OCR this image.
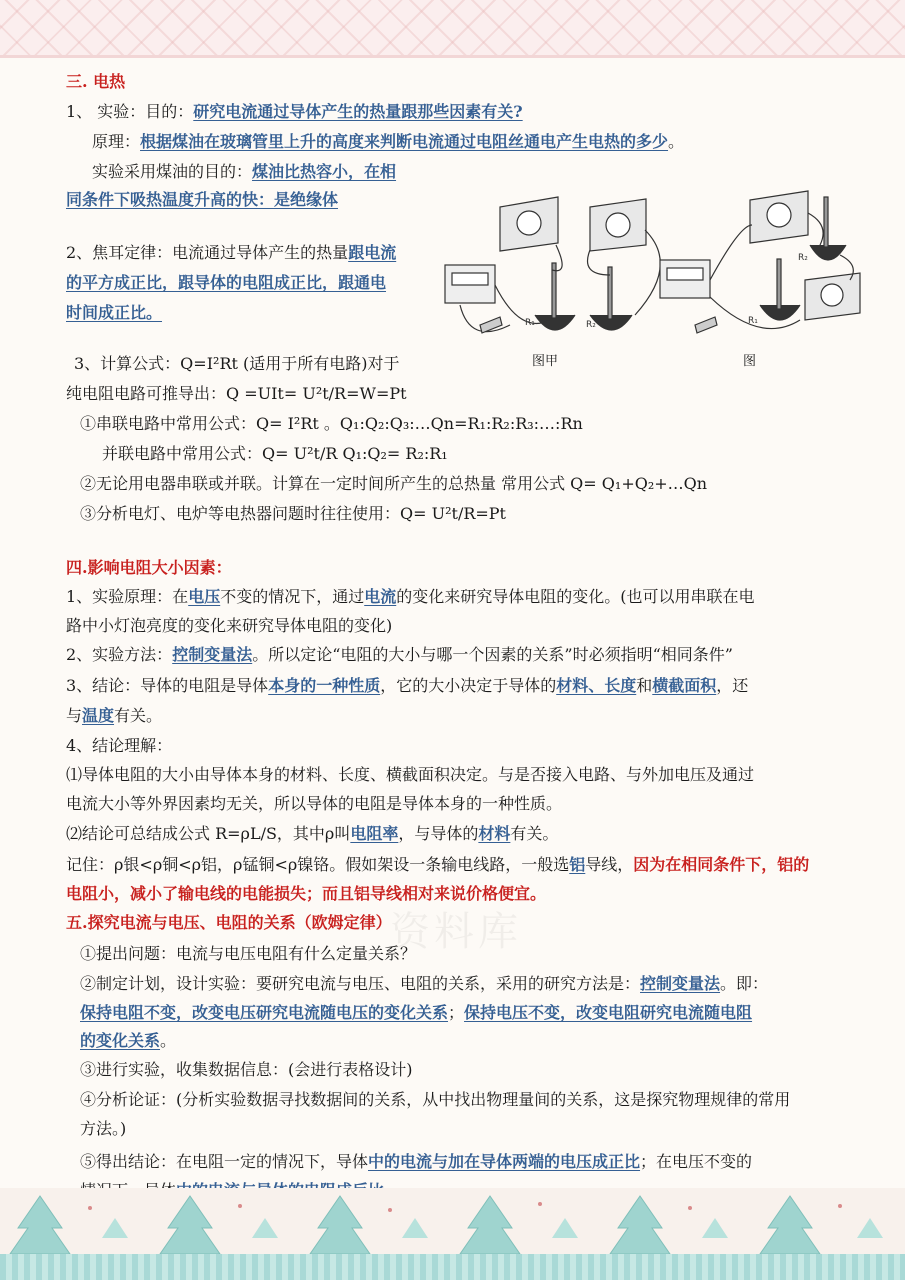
资料库
三. 电热
1、 实验：目的：研究电流通过导体产生的热量跟那些因素有关?
原理：根据煤油在玻璃管里上升的高度来判断电流通过电阻丝通电产生电热的多少。
实验采用煤油的目的：煤油比热容小，在相
同条件下吸热温度升高的快：是绝缘体
2、焦耳定律：电流通过导体产生的热量跟电流
的平方成正比，跟导体的电阻成正比，跟通电
时间成正比。
3、计算公式：Q=I²Rt (适用于所有电路)对于
纯电阻电路可推导出：Q =UIt= U²t/R=W=Pt
①串联电路中常用公式：Q= I²Rt 。Q₁:Q₂:Q₃:…Qn=R₁:R₂:R₃:…:Rn
并联电路中常用公式：Q= U²t/R Q₁:Q₂= R₂:R₁
②无论用电器串联或并联。计算在一定时间所产生的总热量 常用公式 Q= Q₁+Q₂+…Qn
③分析电灯、电炉等电热器问题时往往使用：Q= U²t/R=Pt
R₁	R₂
R₂
R₁
图甲	图
四.影响电阻大小因素：
1、实验原理：在电压不变的情况下，通过电流的变化来研究导体电阻的变化。(也可以用串联在电
路中小灯泡亮度的变化来研究导体电阻的变化)
2、实验方法：控制变量法。所以定论“电阻的大小与哪一个因素的关系”时必须指明“相同条件”
3、结论：导体的电阻是导体本身的一种性质，它的大小决定于导体的材料、长度和横截面积，还
与温度有关。
4、结论理解：
⑴导体电阻的大小由导体本身的材料、长度、横截面积决定。与是否接入电路、与外加电压及通过
电流大小等外界因素均无关，所以导体的电阻是导体本身的一种性质。
⑵结论可总结成公式 R=ρL/S，其中ρ叫电阻率，与导体的材料有关。
记住：ρ银<ρ铜<ρ铝，ρ锰铜<ρ镍铬。假如架设一条输电线路，一般选铝导线，因为在相同条件下，铝的
电阻小，减小了输电线的电能损失；而且铝导线相对来说价格便宜。
五.探究电流与电压、电阻的关系（欧姆定律）
①提出问题：电流与电压电阻有什么定量关系？
②制定计划，设计实验：要研究电流与电压、电阻的关系，采用的研究方法是：控制变量法。即：
保持电阻不变，改变电压研究电流随电压的变化关系；保持电压不变，改变电阻研究电流随电阻
的变化关系。
③进行实验，收集数据信息：(会进行表格设计)
④分析论证：(分析实验数据寻找数据间的关系，从中找出物理量间的关系，这是探究物理规律的常用
方法。)
⑤得出结论：在电阻一定的情况下，导体中的电流与加在导体两端的电压成正比；在电压不变的
